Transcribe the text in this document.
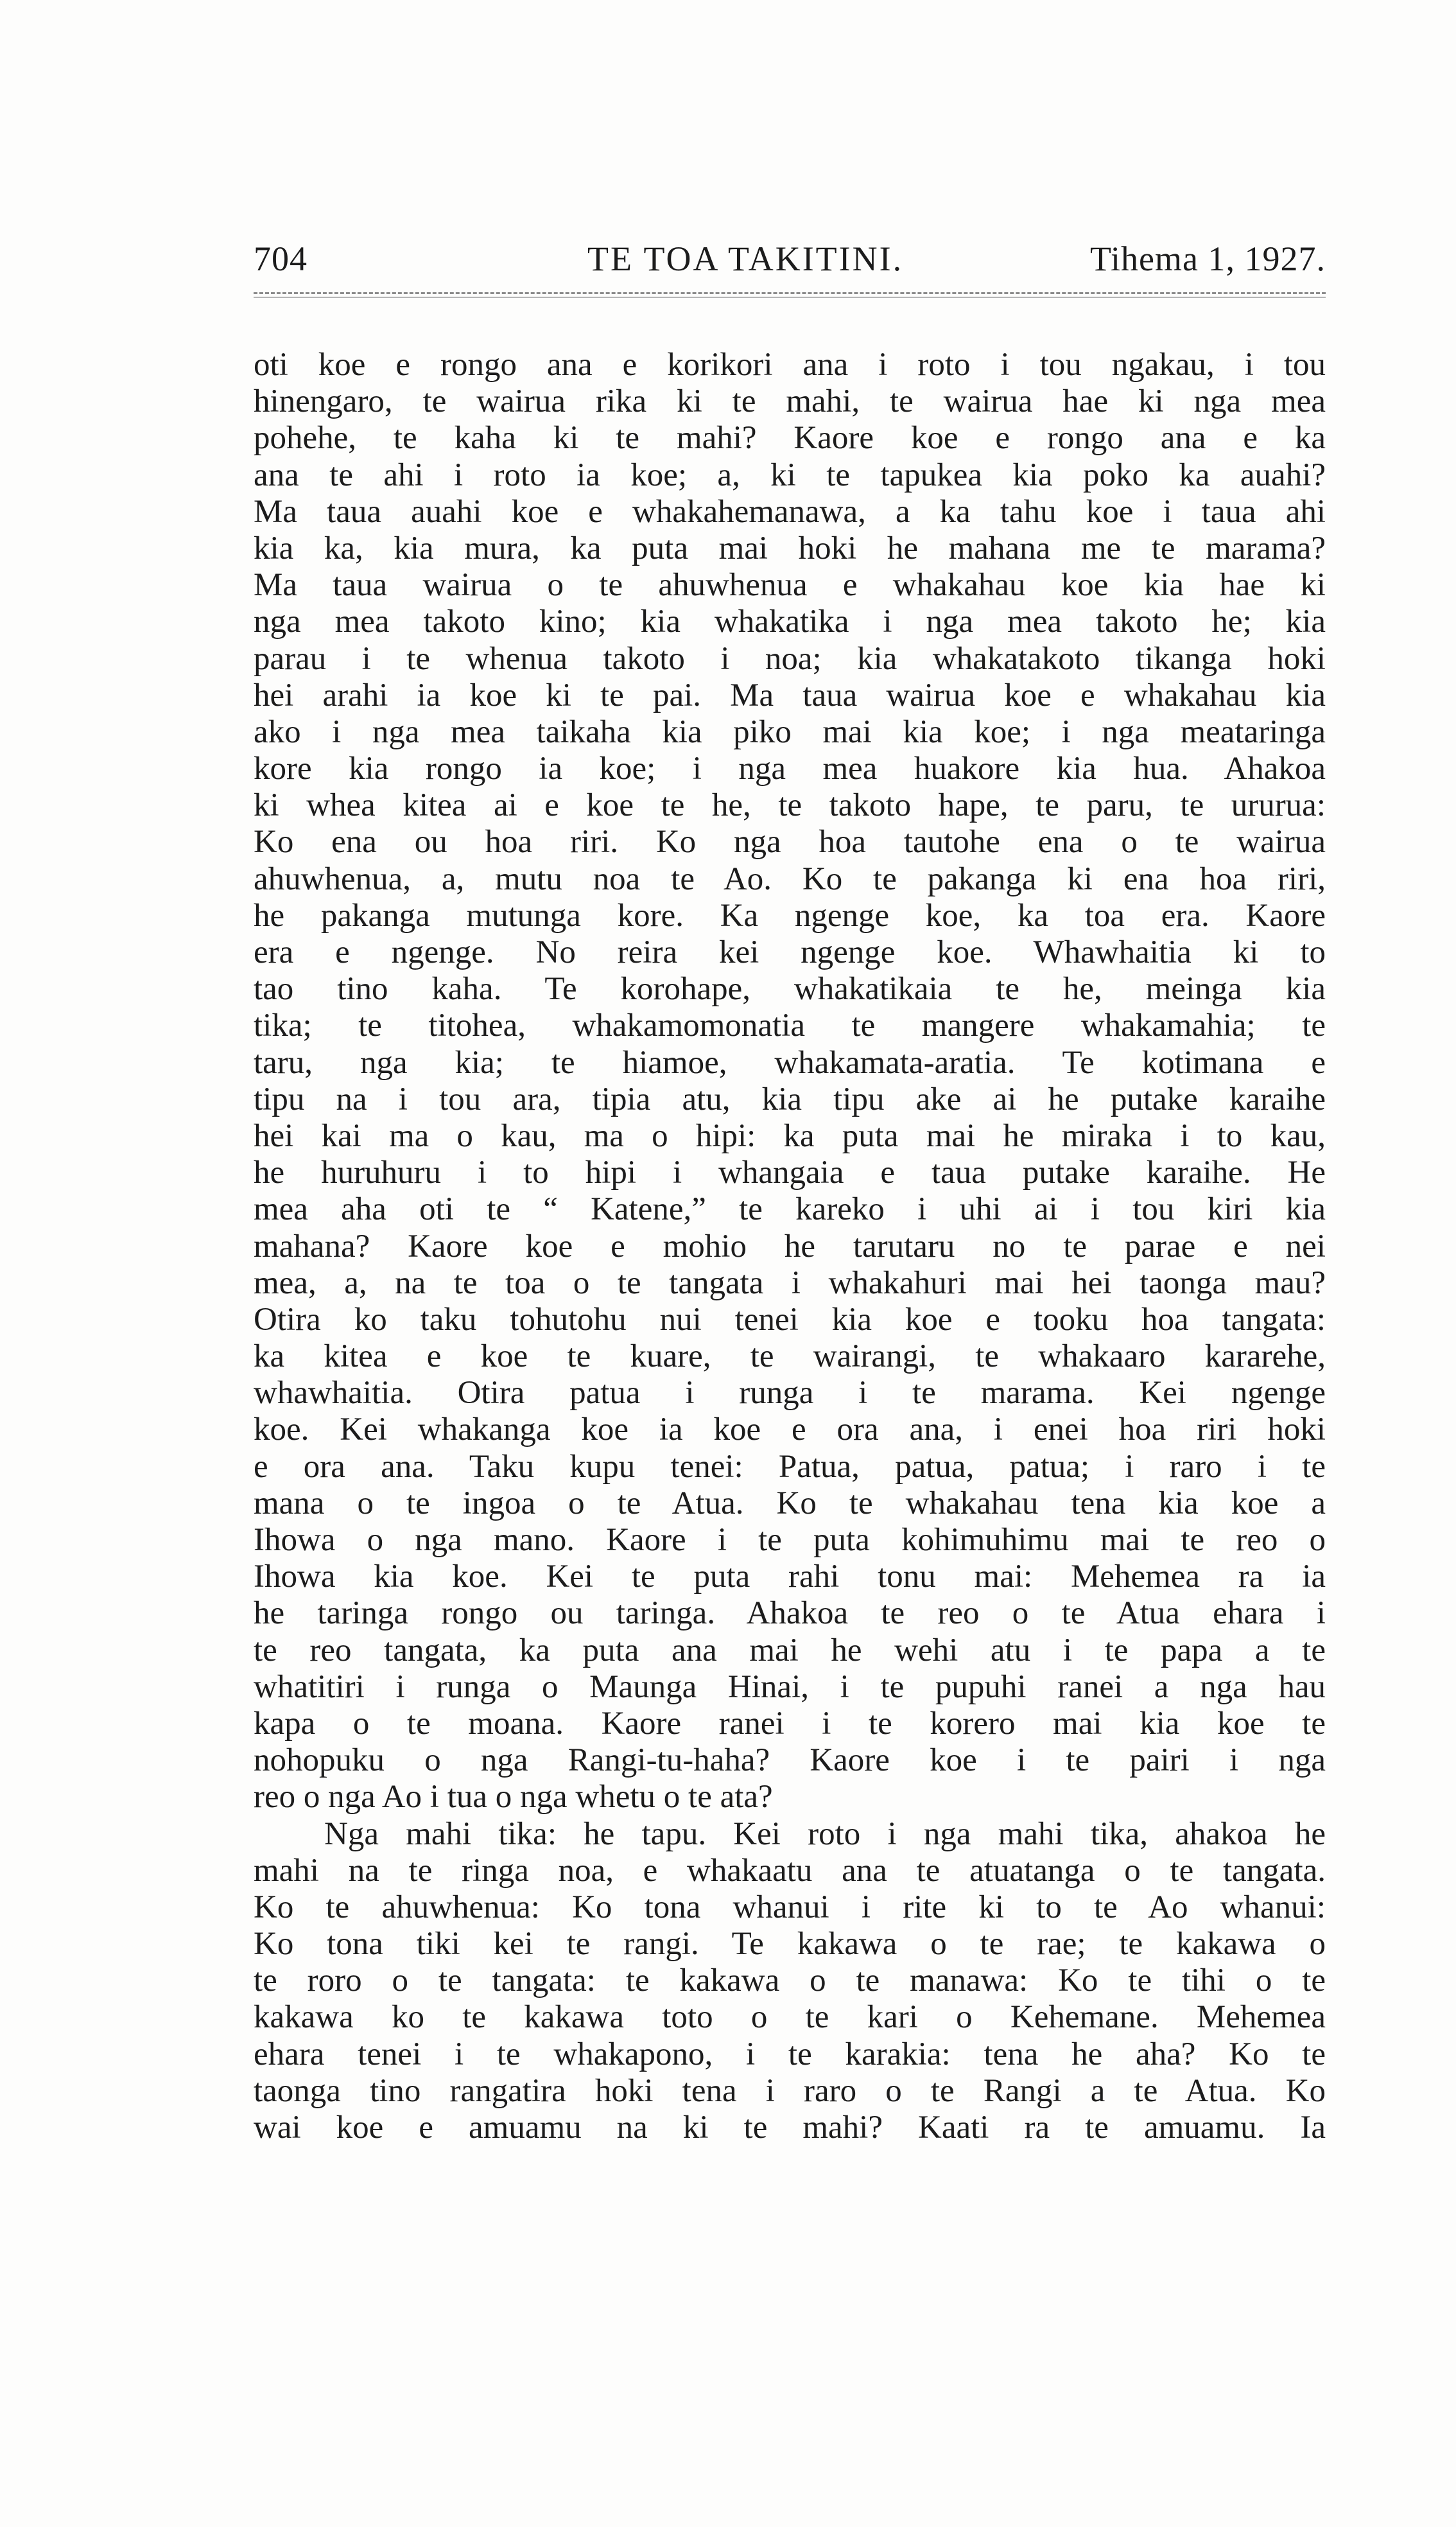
704	TE TOA TAKITINI.	Tihema 1, 1927.
oti koe e rongo ana e korikori ana i roto i tou ngakau, i tou
hinengaro, te wairua rika ki te mahi, te wairua hae ki nga mea
pohehe, te kaha ki te mahi? Kaore koe e rongo ana e ka
ana te ahi i roto ia koe; a, ki te tapukea kia poko ka auahi?
Ma taua auahi koe e whakahemanawa, a ka tahu koe i taua ahi
kia ka, kia mura, ka puta mai hoki he mahana me te marama?
Ma taua wairua o te ahuwhenua e whakahau koe kia hae ki
nga mea takoto kino; kia whakatika i nga mea takoto he; kia
parau i te whenua takoto i noa; kia whakatakoto tikanga hoki
hei arahi ia koe ki te pai. Ma taua wairua koe e whakahau kia
ako i nga mea taikaha kia piko mai kia koe; i nga meataringa
kore kia rongo ia koe; i nga mea huakore kia hua. Ahakoa
ki whea kitea ai e koe te he, te takoto hape, te paru, te ururua:
Ko ena ou hoa riri. Ko nga hoa tautohe ena o te wairua
ahuwhenua, a, mutu noa te Ao. Ko te pakanga ki ena hoa riri,
he pakanga mutunga kore. Ka ngenge koe, ka toa era. Kaore
era e ngenge. No reira kei ngenge koe. Whawhaitia ki to
tao tino kaha. Te korohape, whakatikaia te he, meinga kia
tika; te titohea, whakamomonatia te mangere whakamahia; te
taru, nga kia; te hiamoe, whakamata-aratia. Te kotimana e
tipu na i tou ara, tipia atu, kia tipu ake ai he putake karaihe
hei kai ma o kau, ma o hipi: ka puta mai he miraka i to kau,
he huruhuru i to hipi i whangaia e taua putake karaihe. He
mea aha oti te “ Katene,” te kareko i uhi ai i tou kiri kia
mahana? Kaore koe e mohio he tarutaru no te parae e nei
mea, a, na te toa o te tangata i whakahuri mai hei taonga mau?
Otira ko taku tohutohu nui tenei kia koe e tooku hoa tangata:
ka kitea e koe te kuare, te wairangi, te whakaaro kararehe,
whawhaitia. Otira patua i runga i te marama. Kei ngenge
koe. Kei whakanga koe ia koe e ora ana, i enei hoa riri hoki
e ora ana. Taku kupu tenei: Patua, patua, patua; i raro i te
mana o te ingoa o te Atua. Ko te whakahau tena kia koe a
Ihowa o nga mano. Kaore i te puta kohimuhimu mai te reo o
Ihowa kia koe. Kei te puta rahi tonu mai: Mehemea ra ia
he taringa rongo ou taringa. Ahakoa te reo o te Atua ehara i
te reo tangata, ka puta ana mai he wehi atu i te papa a te
whatitiri i runga o Maunga Hinai, i te pupuhi ranei a nga hau
kapa o te moana. Kaore ranei i te korero mai kia koe te
nohopuku o nga Rangi-tu-haha? Kaore koe i te pairi i nga
reo o nga Ao i tua o nga whetu o te ata?
Nga mahi tika: he tapu. Kei roto i nga mahi tika, ahakoa he
mahi na te ringa noa, e whakaatu ana te atuatanga o te tangata.
Ko te ahuwhenua: Ko tona whanui i rite ki to te Ao whanui:
Ko tona tiki kei te rangi. Te kakawa o te rae; te kakawa o
te roro o te tangata: te kakawa o te manawa: Ko te tihi o te
kakawa ko te kakawa toto o te kari o Kehemane. Mehemea
ehara tenei i te whakapono, i te karakia: tena he aha? Ko te
taonga tino rangatira hoki tena i raro o te Rangi a te Atua. Ko
wai koe e amuamu na ki te mahi? Kaati ra te amuamu. Ia
